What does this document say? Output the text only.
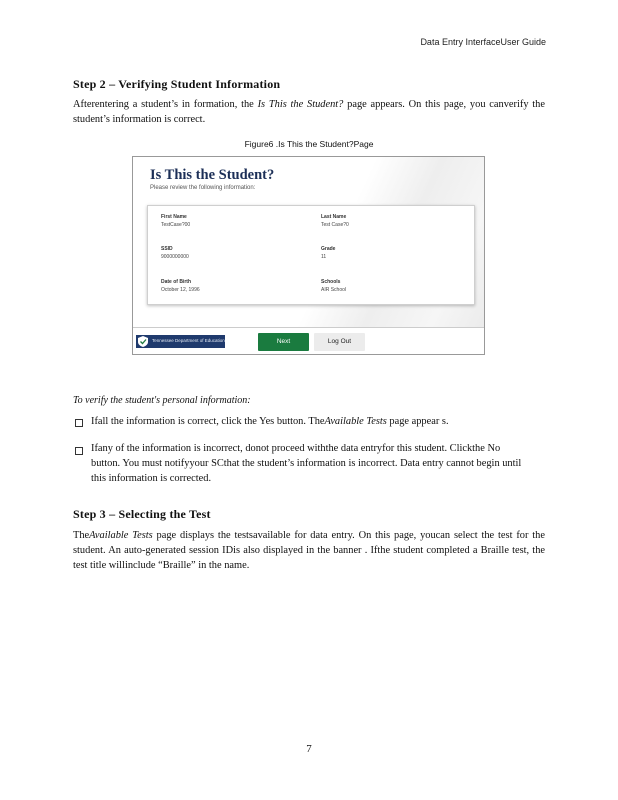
Data Entry InterfaceUser Guide
Step 2 – Verifying Student Information
Afterentering a student’s in formation, the Is This the Student? page appears. On this page, you canverify the student’s information is correct.
Figure6 .Is This the Student?Page
Is This the Student?
Please review the following information:
First Name
TestCase?00
Last Name
Test Case?0
SSID
9000000000
Grade
11
Date of Birth
October 12, 1996
Schools
AIR School
Tennessee Department of Education	Next	Log Out
To verify the student's personal information:
Ifall the information is correct, click the Yes button. TheAvailable Tests page appear s.
Ifany of the information is incorrect, donot proceed withthe data entryfor this student. Clickthe No button. You must notifyyour SCthat the student’s information is incorrect. Data entry cannot begin until this information is corrected.
Step 3 – Selecting the Test
TheAvailable Tests page displays the testsavailable for data entry. On this page, youcan select the test for the student. An auto-generated session IDis also displayed in the banner . Ifthe student completed a Braille test, the test title willinclude “Braille” in the name.
7
